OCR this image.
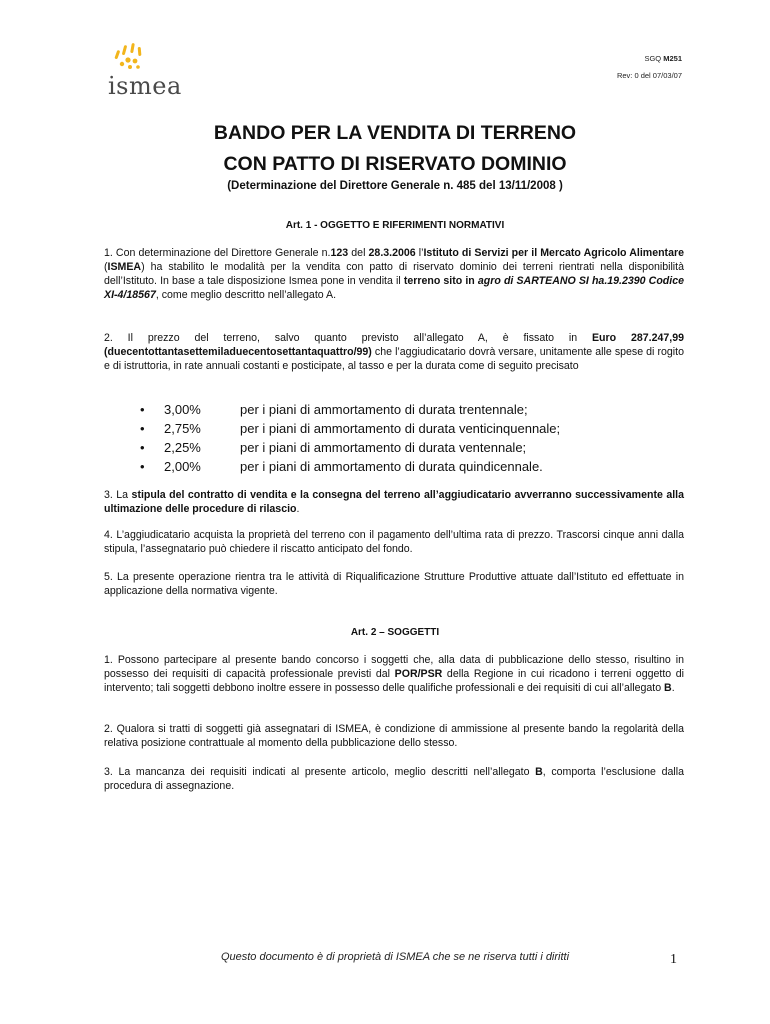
ismea
SGQ M251
Rev: 0 del 07/03/07
BANDO PER LA VENDITA DI TERRENO
CON PATTO DI RISERVATO DOMINIO
(Determinazione del Direttore Generale n. 485 del 13/11/2008 )
Art. 1 - OGGETTO E RIFERIMENTI NORMATIVI

1. Con determinazione del Direttore Generale n.123 del 28.3.2006 l’Istituto di Servizi per il Mercato Agricolo Alimentare (ISMEA) ha stabilito le modalità per la vendita con patto di riservato dominio dei terreni rientrati nella disponibilità dell’Istituto. In base a tale disposizione Ismea pone in vendita il terreno sito in agro di SARTEANO SI ha.19.2390 Codice XI-4/18567, come meglio descritto nell’allegato A.

2. Il prezzo del terreno, salvo quanto previsto all’allegato A, è fissato in Euro 287.247,99 (duecentottantasettemiladuecentosettantaquattro/99) che l’aggiudicatario dovrà versare, unitamente alle spese di rogito e di istruttoria, in rate annuali costanti e posticipate, al tasso e per la durata come di seguito precisato

• 3,00%	per i piani di ammortamento di durata trentennale;
• 2,75%	per i piani di ammortamento di durata venticinquennale;
• 2,25%	per i piani di ammortamento di durata ventennale;
• 2,00%	per i piani di ammortamento di durata quindicennale.

3. La stipula del contratto di vendita e la consegna del terreno all’aggiudicatario avverranno successivamente alla ultimazione delle procedure di rilascio.

4. L’aggiudicatario acquista la proprietà del terreno con il pagamento dell’ultima rata di prezzo. Trascorsi cinque anni dalla stipula, l’assegnatario può chiedere il riscatto anticipato del fondo.

5. La presente operazione rientra tra le attività di Riqualificazione Strutture Produttive attuate dall’Istituto ed effettuate in applicazione della normativa vigente.

Art. 2 – SOGGETTI

1. Possono partecipare al presente bando concorso i soggetti che, alla data di pubblicazione dello stesso, risultino in possesso dei requisiti di capacità professionale previsti dal POR/PSR della Regione in cui ricadono i terreni oggetto di intervento; tali soggetti debbono inoltre essere in possesso delle qualifiche professionali e dei requisiti di cui all’allegato B.

2. Qualora si tratti di soggetti già assegnatari di ISMEA, è condizione di ammissione al presente bando la regolarità della relativa posizione contrattuale al momento della pubblicazione dello stesso.

3. La mancanza dei requisiti indicati al presente articolo, meglio descritti nell’allegato B, comporta l’esclusione dalla procedura di assegnazione.

Questo documento è di proprietà di ISMEA che se ne riserva tutti i diritti	1
